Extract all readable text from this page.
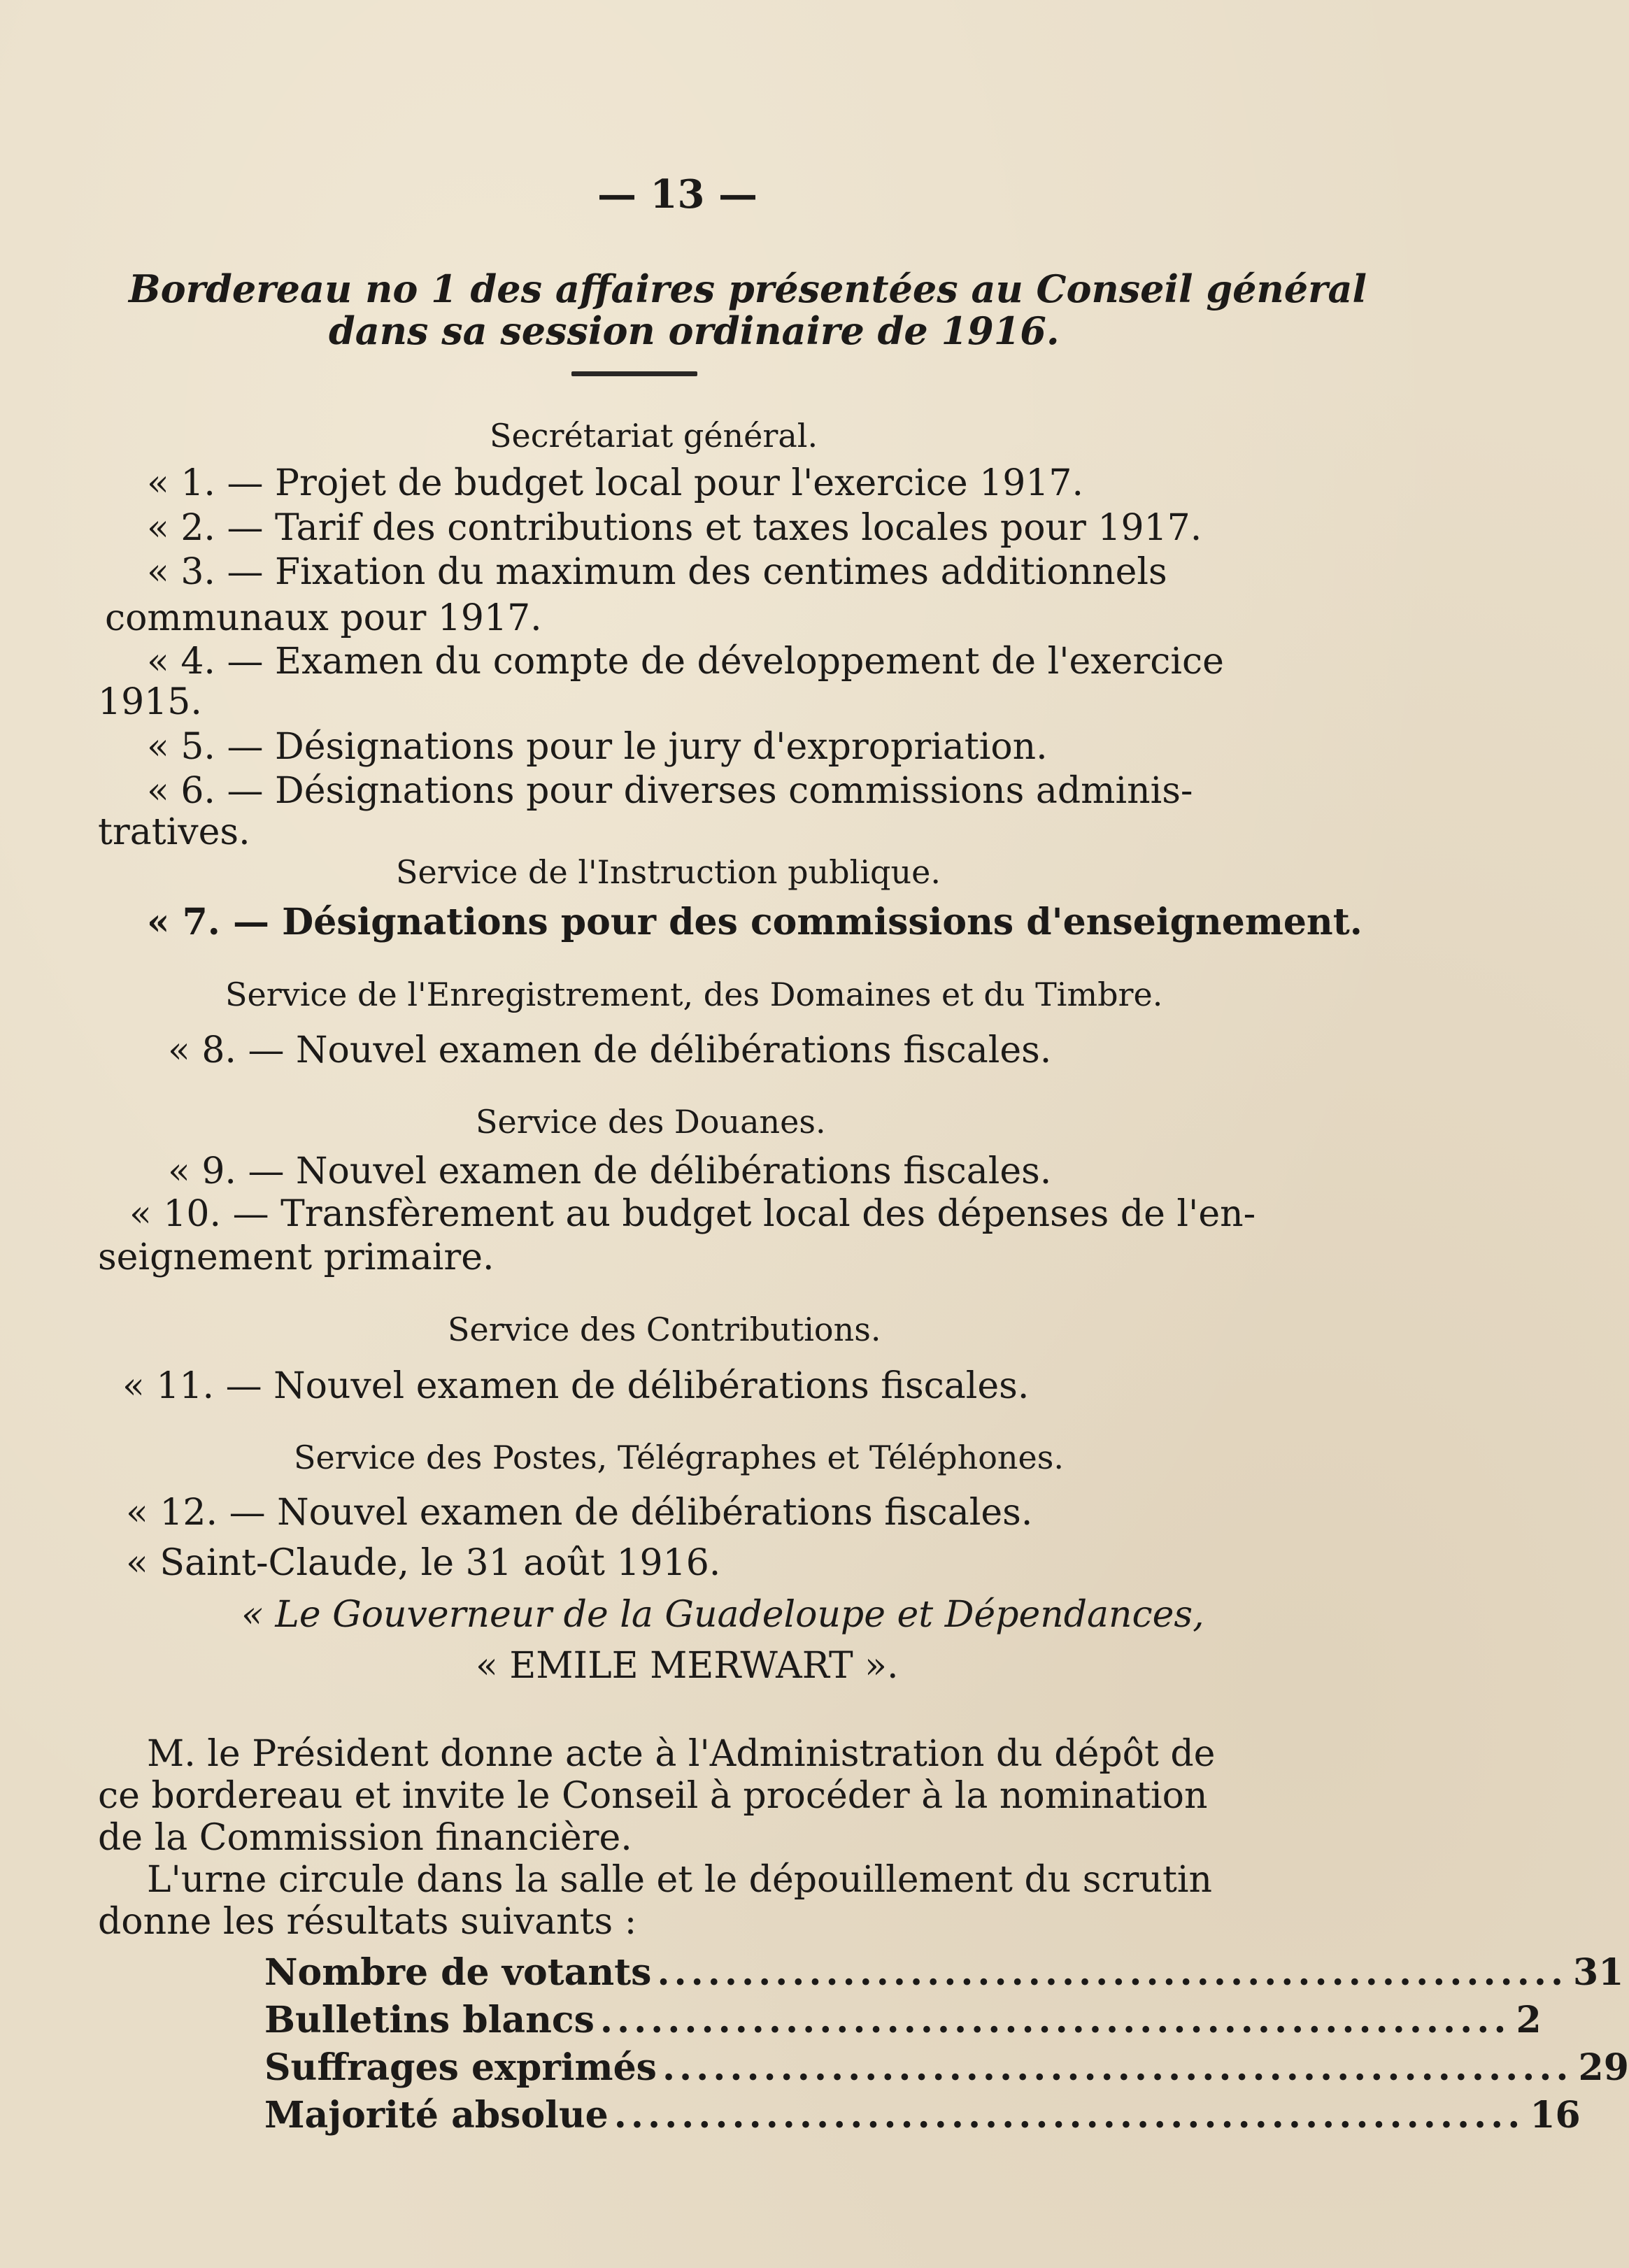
— 13 —
Bordereau no 1 des affaires présentées au Conseil général
dans sa session ordinaire de 1916.
Secrétariat général.
« 1. — Projet de budget local pour l'exercice 1917.
« 2. — Tarif des contributions et taxes locales pour 1917.
« 3. — Fixation du maximum des centimes additionnels
communaux pour 1917.
« 4. — Examen du compte de développement de l'exercice
1915.
« 5. — Désignations pour le jury d'expropriation.
« 6. — Désignations pour diverses commissions adminis-
tratives.
Service de l'Instruction publique.
« 7. — Désignations pour des commissions d'enseignement.
Service de l'Enregistrement, des Domaines et du Timbre.
« 8. — Nouvel examen de délibérations fiscales.
Service des Douanes.
« 9. — Nouvel examen de délibérations fiscales.
« 10. — Transfèrement au budget local des dépenses de l'en-
seignement primaire.
Service des Contributions.
« 11. — Nouvel examen de délibérations fiscales.
Service des Postes, Télégraphes et Téléphones.
« 12. — Nouvel examen de délibérations fiscales.
« Saint-Claude, le 31 août 1916.
« Le Gouverneur de la Guadeloupe et Dépendances,
« EMILE MERWART ».
M. le Président donne acte à l'Administration du dépôt de
ce bordereau et invite le Conseil à procéder à la nomination
de la Commission financière.
L'urne circule dans la salle et le dépouillement du scrutin
donne les résultats suivants :
Nombre de votants ...................................................... 31
Bulletins blancs ...................................................... 2
Suffrages exprimés ...................................................... 29
Majorité absolue ...................................................... 16
